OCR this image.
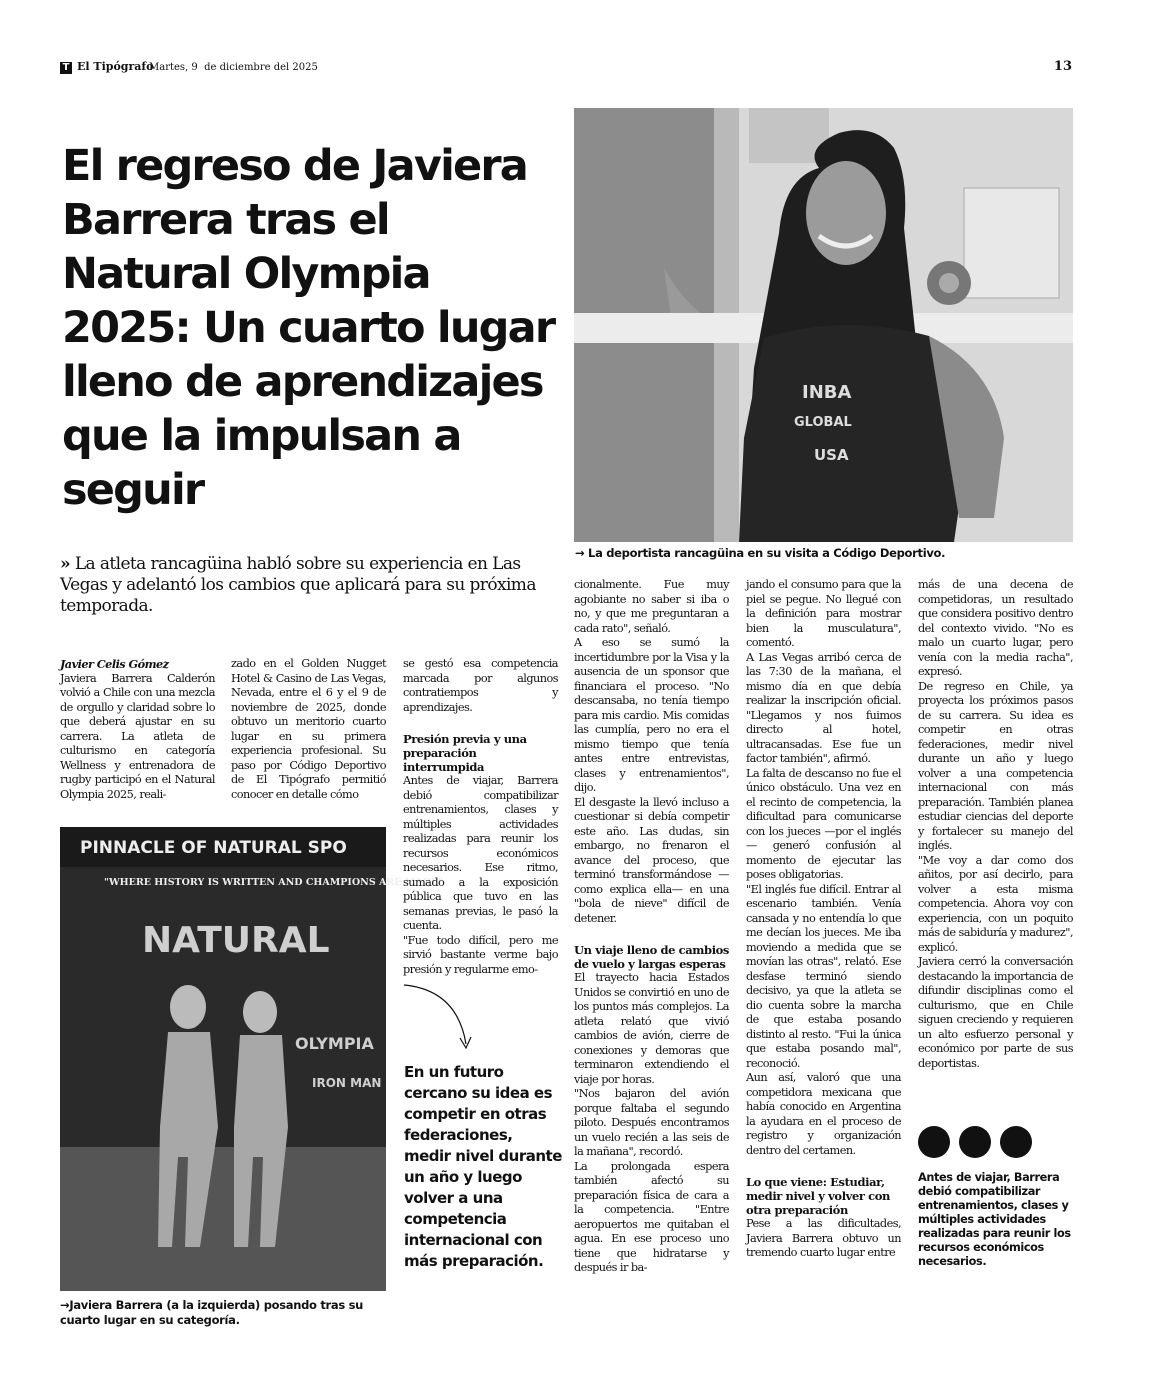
T El Tipógrafo
Martes, 9  de diciembre del 2025	13
El regreso de Javiera Barrera tras el Natural Olympia 2025: Un cuarto lugar lleno de aprendizajes que la impulsan a seguir
INBA
GLOBAL
USA
→ La deportista rancagüina en su visita a Código Deportivo.
» La atleta rancagüina habló sobre su experiencia en Las Vegas y adelantó los cambios que aplicará para su próxima temporada.

Javier Celis Gómez

Javiera Barrera Calderón volvió a Chile con una mezcla de orgullo y claridad sobre lo que deberá ajustar en su carrera. La atleta de culturismo en categoría Wellness y entrenadora de rugby participó en el Natural Olympia 2025, reali-

zado en el Golden Nugget Hotel & Casino de Las Vegas, Nevada, entre el 6 y el 9 de noviembre de 2025, donde obtuvo un meritorio cuarto lugar en su primera experiencia profesional. Su paso por Código Deportivo de El Tipógrafo permitió conocer en detalle cómo

PINNACLE OF NATURAL SPO
"WHERE HISTORY IS WRITTEN AND CHAMPIONS ARE MADE"
NATURAL
OLYMPIA
IRON MAN
→Javiera Barrera (a la izquierda) posando tras su cuarto lugar en su categoría.

se gestó esa competencia marcada por algunos contratiempos y aprendizajes.

Presión previa y una preparación interrumpida

Antes de viajar, Barrera debió compatibilizar entrenamientos, clases y múltiples actividades realizadas para reunir los recursos económicos necesarios. Ese ritmo, sumado a la exposición pública que tuvo en las semanas previas, le pasó la cuenta.

"Fue todo difícil, pero me sirvió bastante verme bajo presión y regularme emo-

En un futuro cercano su idea es competir en otras federaciones, medir nivel durante un año y luego volver a una competencia internacional con más preparación.

cionalmente. Fue muy agobiante no saber si iba o no, y que me preguntaran a cada rato", señaló.

A eso se sumó la incertidumbre por la Visa y la ausencia de un sponsor que financiara el proceso. "No descansaba, no tenía tiempo para mis cardio. Mis comidas las cumplía, pero no era el mismo tiempo que tenía antes entre entrevistas, clases y entrenamientos", dijo.

El desgaste la llevó incluso a cuestionar si debía competir este año. Las dudas, sin embargo, no frenaron el avance del proceso, que terminó transformándose —como explica ella— en una "bola de nieve" difícil de detener.

Un viaje lleno de cambios de vuelo y largas esperas

El trayecto hacia Estados Unidos se convirtió en uno de los puntos más complejos. La atleta relató que vivió cambios de avión, cierre de conexiones y demoras que terminaron extendiendo el viaje por horas.

"Nos bajaron del avión porque faltaba el segundo piloto. Después encontramos un vuelo recién a las seis de la mañana", recordó.

La prolongada espera también afectó su preparación física de cara a la competencia. "Entre aeropuertos me quitaban el agua. En ese proceso uno tiene que hidratarse y después ir ba-

jando el consumo para que la piel se pegue. No llegué con la definición para mostrar bien la musculatura", comentó.

A Las Vegas arribó cerca de las 7:30 de la mañana, el mismo día en que debía realizar la inscripción oficial. "Llegamos y nos fuimos directo al hotel, ultracansadas. Ese fue un factor también", afirmó.

La falta de descanso no fue el único obstáculo. Una vez en el recinto de competencia, la dificultad para comunicarse con los jueces —por el inglés— generó confusión al momento de ejecutar las poses obligatorias.

"El inglés fue difícil. Entrar al escenario también. Venía cansada y no entendía lo que me decían los jueces. Me iba moviendo a medida que se movían las otras", relató. Ese desfase terminó siendo decisivo, ya que la atleta se dio cuenta sobre la marcha de que estaba posando distinto al resto. "Fui la única que estaba posando mal", reconoció.

Aun así, valoró que una competidora mexicana que había conocido en Argentina la ayudara en el proceso de registro y organización dentro del certamen.

Lo que viene: Estudiar, medir nivel y volver con otra preparación

Pese a las dificultades, Javiera Barrera obtuvo un tremendo cuarto lugar entre

más de una decena de competidoras, un resultado que considera positivo dentro del contexto vivido. "No es malo un cuarto lugar, pero venía con la media racha", expresó.

De regreso en Chile, ya proyecta los próximos pasos de su carrera. Su idea es competir en otras federaciones, medir nivel durante un año y luego volver a una competencia internacional con más preparación. También planea estudiar ciencias del deporte y fortalecer su manejo del inglés.

"Me voy a dar como dos añitos, por así decirlo, para volver a esta misma competencia. Ahora voy con experiencia, con un poquito más de sabiduría y madurez", explicó.

Javiera cerró la conversación destacando la importancia de difundir disciplinas como el culturismo, que en Chile siguen creciendo y requieren un alto esfuerzo personal y económico por parte de sus deportistas.

Antes de viajar, Barrera debió compatibilizar entrenamientos, clases y múltiples actividades realizadas para reunir los recursos económicos necesarios.
